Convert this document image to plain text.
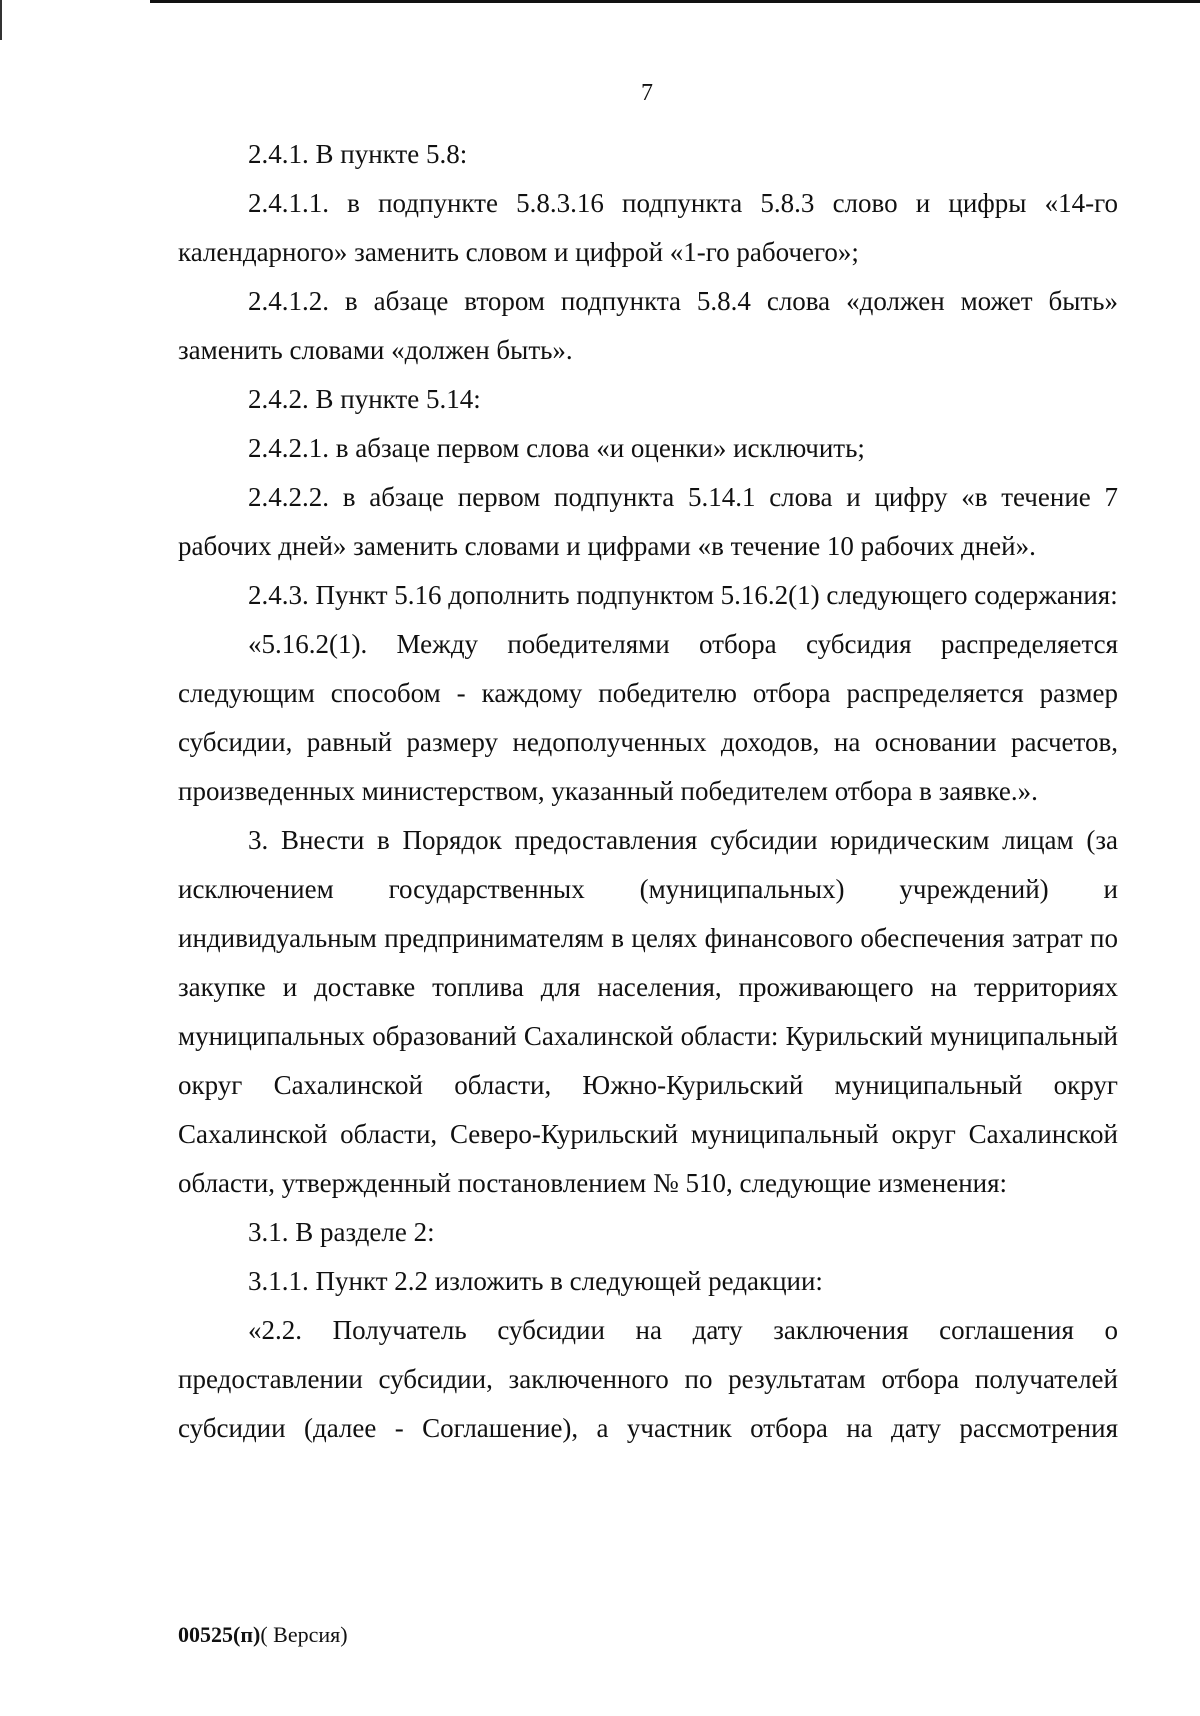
7

2.4.1. В пункте 5.8:

2.4.1.1. в подпункте 5.8.3.16 подпункта 5.8.3 слово и цифры «14-го календарного» заменить словом и цифрой «1-го рабочего»;

2.4.1.2. в абзаце втором подпункта 5.8.4 слова «должен может быть» заменить словами «должен быть».

2.4.2. В пункте 5.14:

2.4.2.1. в абзаце первом слова «и оценки» исключить;

2.4.2.2. в абзаце первом подпункта 5.14.1 слова и цифру «в течение 7 рабочих дней» заменить словами и цифрами «в течение 10 рабочих дней».

2.4.3. Пункт 5.16 дополнить подпунктом 5.16.2(1) следующего содержания:

«5.16.2(1). Между победителями отбора субсидия распределяется следующим способом - каждому победителю отбора распределяется размер субсидии, равный размеру недополученных доходов, на основании расчетов, произведенных министерством, указанный победителем отбора в заявке.».

3. Внести в Порядок предоставления субсидии юридическим лицам (за исключением государственных (муниципальных) учреждений) и индивидуальным предпринимателям в целях финансового обеспечения затрат по закупке и доставке топлива для населения, проживающего на территориях муниципальных образований Сахалинской области: Курильский муниципальный округ Сахалинской области, Южно-Курильский муниципальный округ Сахалинской области, Северо-Курильский муниципальный округ Сахалинской области, утвержденный постановлением № 510, следующие изменения:

3.1. В разделе 2:

3.1.1. Пункт 2.2 изложить в следующей редакции:

«2.2. Получатель субсидии на дату заключения соглашения о предоставлении субсидии, заключенного по результатам отбора получателей субсидии (далее - Соглашение), а участник отбора на дату рассмотрения

00525(п)( Версия)
